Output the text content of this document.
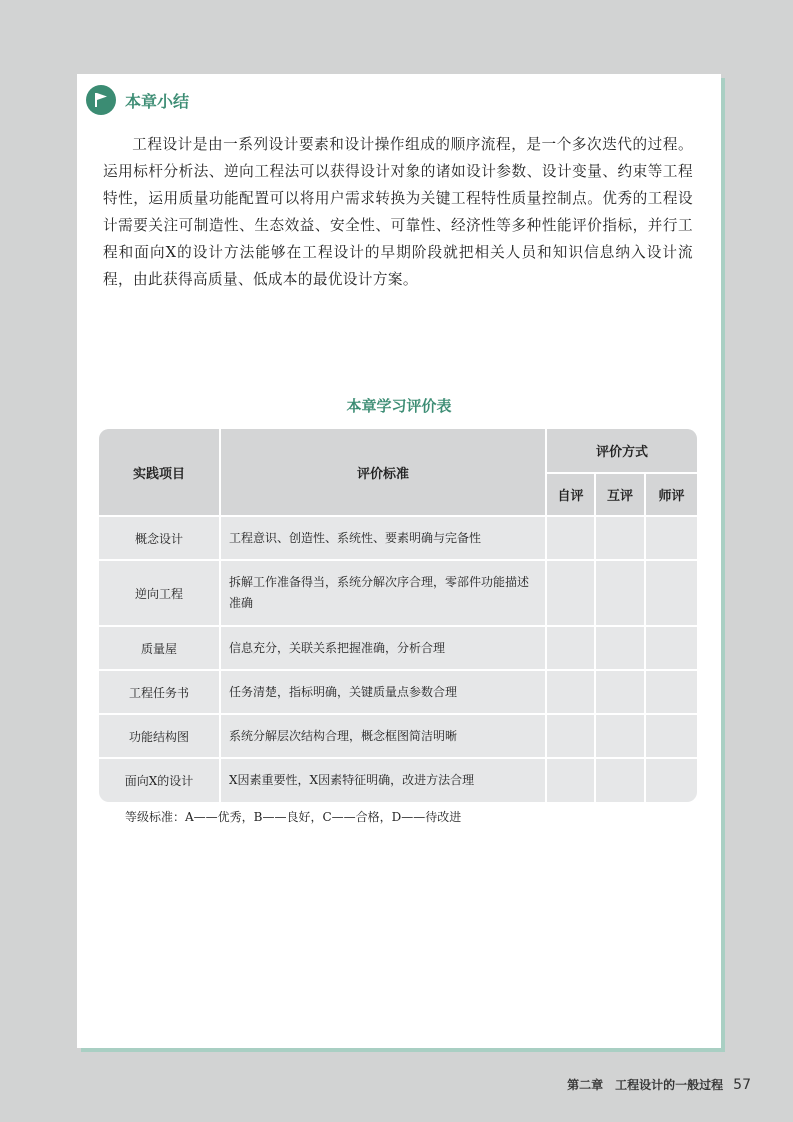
本章小结

工程设计是由一系列设计要素和设计操作组成的顺序流程，是一个多次迭代的过程。运用标杆分析法、逆向工程法可以获得设计对象的诸如设计参数、设计变量、约束等工程特性，运用质量功能配置可以将用户需求转换为关键工程特性质量控制点。优秀的工程设计需要关注可制造性、生态效益、安全性、可靠性、经济性等多种性能评价指标，并行工程和面向X的设计方法能够在工程设计的早期阶段就把相关人员和知识信息纳入设计流程，由此获得高质量、低成本的最优设计方案。

本章学习评价表
实践项目	评价标准	评价方式		
		自评	互评	师评
概念设计	工程意识、创造性、系统性、要素明确与完备性			
逆向工程	拆解工作准备得当，系统分解次序合理，零部件功能描述准确			
质量屋	信息充分，关联关系把握准确，分析合理			
工程任务书	任务清楚，指标明确，关键质量点参数合理			
功能结构图	系统分解层次结构合理，概念框图简洁明晰			
面向X的设计	X因素重要性，X因素特征明确，改进方法合理			
等级标准：A——优秀，B——良好，C——合格，D——待改进
第二章　工程设计的一般过程 57
